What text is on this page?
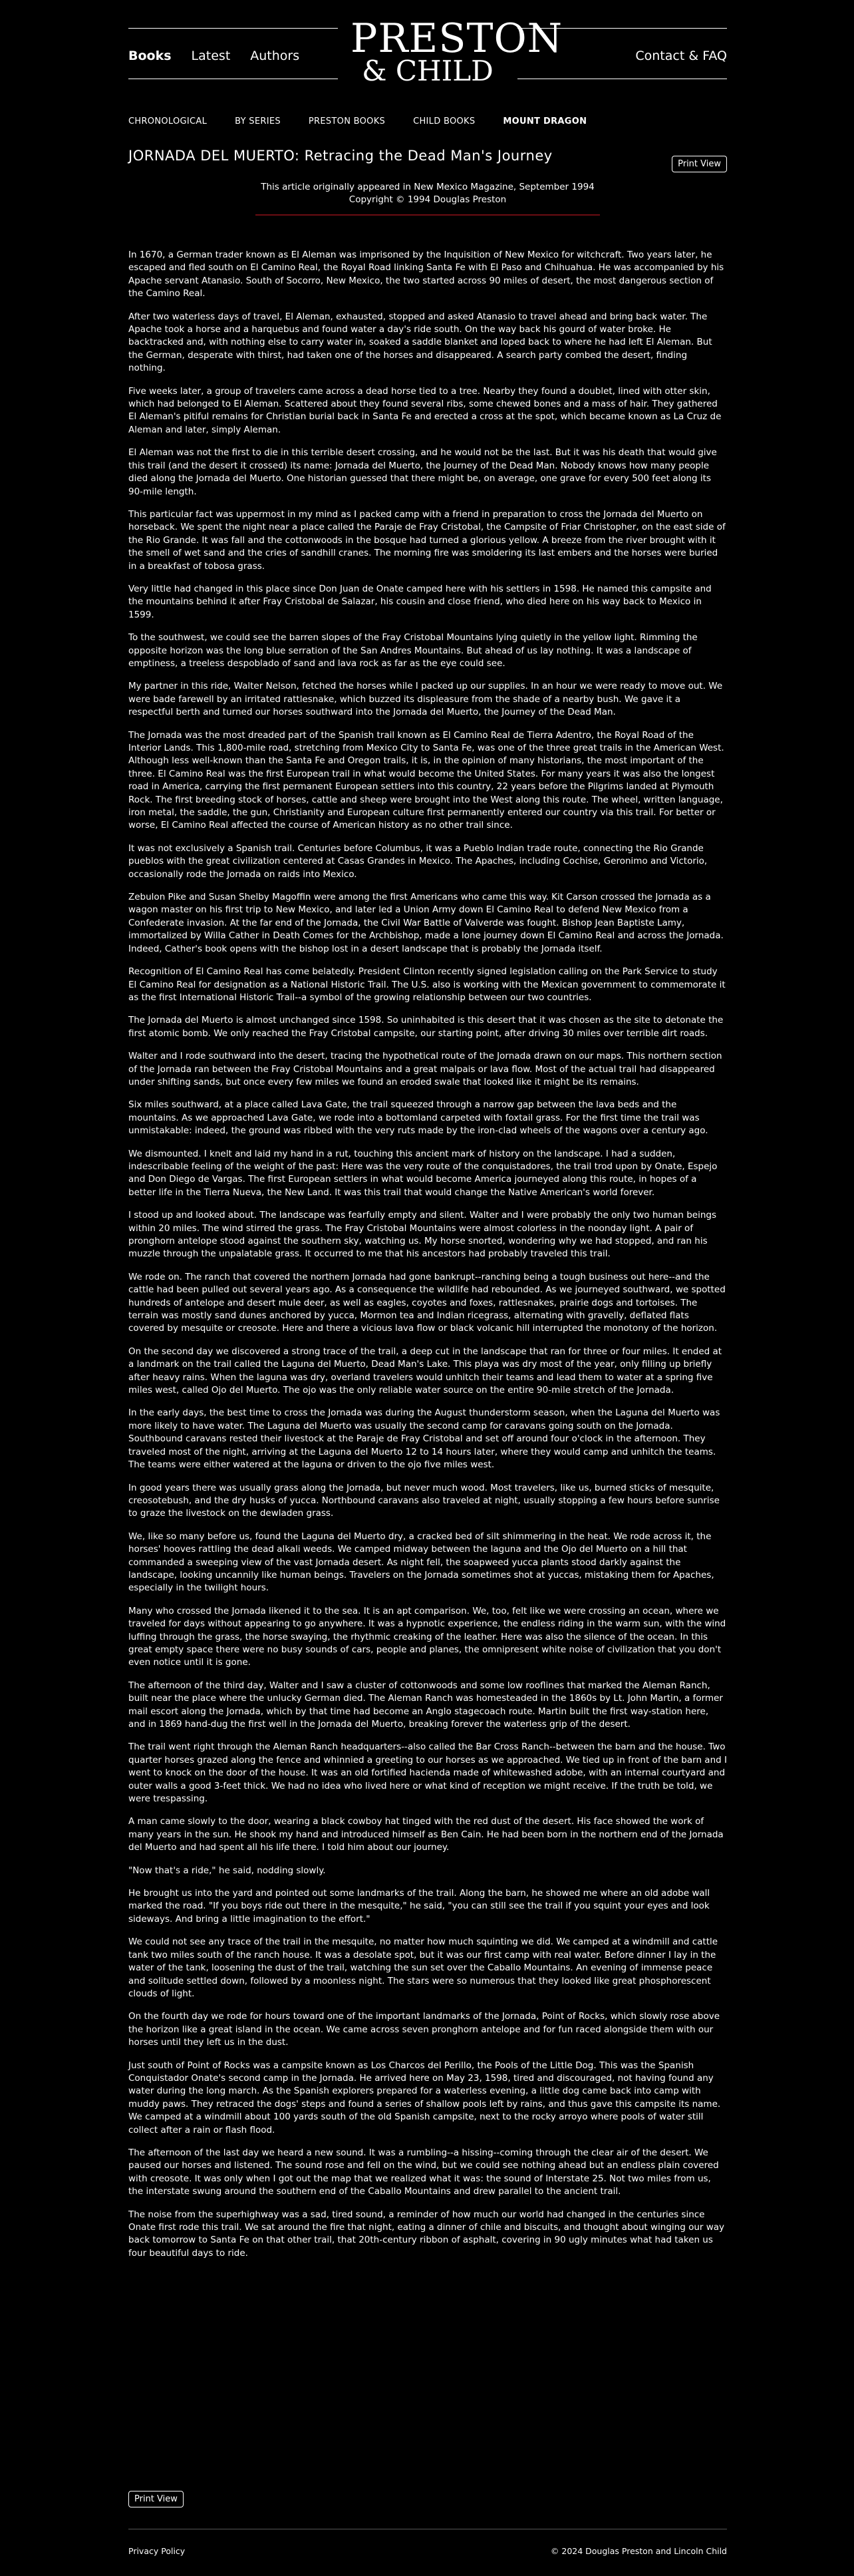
Books Latest Authors PRESTON
& CHILD	Contact & FAQ
CHRONOLOGICAL	BY SERIES	PRESTON BOOKS	CHILD BOOKS	MOUNT DRAGON
JORNADA DEL MUERTO: Retracing the Dead Man's Journey
Print View
This article originally appeared in New Mexico Magazine, September 1994
Copyright © 1994 Douglas Preston

In 1670, a German trader known as El Aleman was imprisoned by the Inquisition of New Mexico for witchcraft. Two years later, he escaped and fled south on El Camino Real, the Royal Road linking Santa Fe with El Paso and Chihuahua. He was accompanied by his Apache servant Atanasio. South of Socorro, New Mexico, the two started across 90 miles of desert, the most dangerous section of the Camino Real.

After two waterless days of travel, El Aleman, exhausted, stopped and asked Atanasio to travel ahead and bring back water. The Apache took a horse and a harquebus and found water a day's ride south. On the way back his gourd of water broke. He backtracked and, with nothing else to carry water in, soaked a saddle blanket and loped back to where he had left El Aleman. But the German, desperate with thirst, had taken one of the horses and disappeared. A search party combed the desert, finding nothing.

Five weeks later, a group of travelers came across a dead horse tied to a tree. Nearby they found a doublet, lined with otter skin, which had belonged to El Aleman. Scattered about they found several ribs, some chewed bones and a mass of hair. They gathered El Aleman's pitiful remains for Christian burial back in Santa Fe and erected a cross at the spot, which became known as La Cruz de Aleman and later, simply Aleman.

El Aleman was not the first to die in this terrible desert crossing, and he would not be the last. But it was his death that would give this trail (and the desert it crossed) its name: Jornada del Muerto, the Journey of the Dead Man. Nobody knows how many people died along the Jornada del Muerto. One historian guessed that there might be, on average, one grave for every 500 feet along its 90-mile length.

This particular fact was uppermost in my mind as I packed camp with a friend in preparation to cross the Jornada del Muerto on horseback. We spent the night near a place called the Paraje de Fray Cristobal, the Campsite of Friar Christopher, on the east side of the Rio Grande. It was fall and the cottonwoods in the bosque had turned a glorious yellow. A breeze from the river brought with it the smell of wet sand and the cries of sandhill cranes. The morning fire was smoldering its last embers and the horses were buried in a breakfast of tobosa grass.

Very little had changed in this place since Don Juan de Onate camped here with his settlers in 1598. He named this campsite and the mountains behind it after Fray Cristobal de Salazar, his cousin and close friend, who died here on his way back to Mexico in 1599.

To the southwest, we could see the barren slopes of the Fray Cristobal Mountains lying quietly in the yellow light. Rimming the opposite horizon was the long blue serration of the San Andres Mountains. But ahead of us lay nothing. It was a landscape of emptiness, a treeless despoblado of sand and lava rock as far as the eye could see.

My partner in this ride, Walter Nelson, fetched the horses while I packed up our supplies. In an hour we were ready to move out. We were bade farewell by an irritated rattlesnake, which buzzed its displeasure from the shade of a nearby bush. We gave it a respectful berth and turned our horses southward into the Jornada del Muerto, the Journey of the Dead Man.

The Jornada was the most dreaded part of the Spanish trail known as El Camino Real de Tierra Adentro, the Royal Road of the Interior Lands. This 1,800-mile road, stretching from Mexico City to Santa Fe, was one of the three great trails in the American West. Although less well-known than the Santa Fe and Oregon trails, it is, in the opinion of many historians, the most important of the three. El Camino Real was the first European trail in what would become the United States. For many years it was also the longest road in America, carrying the first permanent European settlers into this country, 22 years before the Pilgrims landed at Plymouth Rock. The first breeding stock of horses, cattle and sheep were brought into the West along this route. The wheel, written language, iron metal, the saddle, the gun, Christianity and European culture first permanently entered our country via this trail. For better or worse, El Camino Real affected the course of American history as no other trail since.

It was not exclusively a Spanish trail. Centuries before Columbus, it was a Pueblo Indian trade route, connecting the Rio Grande pueblos with the great civilization centered at Casas Grandes in Mexico. The Apaches, including Cochise, Geronimo and Victorio, occasionally rode the Jornada on raids into Mexico.

Zebulon Pike and Susan Shelby Magoffin were among the first Americans who came this way. Kit Carson crossed the Jornada as a wagon master on his first trip to New Mexico, and later led a Union Army down El Camino Real to defend New Mexico from a Confederate invasion. At the far end of the Jornada, the Civil War Battle of Valverde was fought. Bishop Jean Baptiste Lamy, immortalized by Willa Cather in Death Comes for the Archbishop, made a lone journey down El Camino Real and across the Jornada. Indeed, Cather's book opens with the bishop lost in a desert landscape that is probably the Jornada itself.

Recognition of El Camino Real has come belatedly. President Clinton recently signed legislation calling on the Park Service to study El Camino Real for designation as a National Historic Trail. The U.S. also is working with the Mexican government to commemorate it as the first International Historic Trail--a symbol of the growing relationship between our two countries.

The Jornada del Muerto is almost unchanged since 1598. So uninhabited is this desert that it was chosen as the site to detonate the first atomic bomb. We only reached the Fray Cristobal campsite, our starting point, after driving 30 miles over terrible dirt roads.

Walter and I rode southward into the desert, tracing the hypothetical route of the Jornada drawn on our maps. This northern section of the Jornada ran between the Fray Cristobal Mountains and a great malpais or lava flow. Most of the actual trail had disappeared under shifting sands, but once every few miles we found an eroded swale that looked like it might be its remains.

Six miles southward, at a place called Lava Gate, the trail squeezed through a narrow gap between the lava beds and the mountains. As we approached Lava Gate, we rode into a bottomland carpeted with foxtail grass. For the first time the trail was unmistakable: indeed, the ground was ribbed with the very ruts made by the iron-clad wheels of the wagons over a century ago.

We dismounted. I knelt and laid my hand in a rut, touching this ancient mark of history on the landscape. I had a sudden, indescribable feeling of the weight of the past: Here was the very route of the conquistadores, the trail trod upon by Onate, Espejo and Don Diego de Vargas. The first European settlers in what would become America journeyed along this route, in hopes of a better life in the Tierra Nueva, the New Land. It was this trail that would change the Native American's world forever.

I stood up and looked about. The landscape was fearfully empty and silent. Walter and I were probably the only two human beings within 20 miles. The wind stirred the grass. The Fray Cristobal Mountains were almost colorless in the noonday light. A pair of pronghorn antelope stood against the southern sky, watching us. My horse snorted, wondering why we had stopped, and ran his muzzle through the unpalatable grass. It occurred to me that his ancestors had probably traveled this trail.

We rode on. The ranch that covered the northern Jornada had gone bankrupt--ranching being a tough business out here--and the cattle had been pulled out several years ago. As a consequence the wildlife had rebounded. As we journeyed southward, we spotted hundreds of antelope and desert mule deer, as well as eagles, coyotes and foxes, rattlesnakes, prairie dogs and tortoises. The terrain was mostly sand dunes anchored by yucca, Mormon tea and Indian ricegrass, alternating with gravelly, deflated flats covered by mesquite or creosote. Here and there a vicious lava flow or black volcanic hill interrupted the monotony of the horizon.

On the second day we discovered a strong trace of the trail, a deep cut in the landscape that ran for three or four miles. It ended at a landmark on the trail called the Laguna del Muerto, Dead Man's Lake. This playa was dry most of the year, only filling up briefly after heavy rains. When the laguna was dry, overland travelers would unhitch their teams and lead them to water at a spring five miles west, called Ojo del Muerto. The ojo was the only reliable water source on the entire 90-mile stretch of the Jornada.

In the early days, the best time to cross the Jornada was during the August thunderstorm season, when the Laguna del Muerto was more likely to have water. The Laguna del Muerto was usually the second camp for caravans going south on the Jornada. Southbound caravans rested their livestock at the Paraje de Fray Cristobal and set off around four o'clock in the afternoon. They traveled most of the night, arriving at the Laguna del Muerto 12 to 14 hours later, where they would camp and unhitch the teams. The teams were either watered at the laguna or driven to the ojo five miles west.

In good years there was usually grass along the Jornada, but never much wood. Most travelers, like us, burned sticks of mesquite, creosotebush, and the dry husks of yucca. Northbound caravans also traveled at night, usually stopping a few hours before sunrise to graze the livestock on the dewladen grass.

We, like so many before us, found the Laguna del Muerto dry, a cracked bed of silt shimmering in the heat. We rode across it, the horses' hooves rattling the dead alkali weeds. We camped midway between the laguna and the Ojo del Muerto on a hill that commanded a sweeping view of the vast Jornada desert. As night fell, the soapweed yucca plants stood darkly against the landscape, looking uncannily like human beings. Travelers on the Jornada sometimes shot at yuccas, mistaking them for Apaches, especially in the twilight hours.

Many who crossed the Jornada likened it to the sea. It is an apt comparison. We, too, felt like we were crossing an ocean, where we traveled for days without appearing to go anywhere. It was a hypnotic experience, the endless riding in the warm sun, with the wind luffing through the grass, the horse swaying, the rhythmic creaking of the leather. Here was also the silence of the ocean. In this great empty space there were no busy sounds of cars, people and planes, the omnipresent white noise of civilization that you don't even notice until it is gone.

The afternoon of the third day, Walter and I saw a cluster of cottonwoods and some low rooflines that marked the Aleman Ranch, built near the place where the unlucky German died. The Aleman Ranch was homesteaded in the 1860s by Lt. John Martin, a former mail escort along the Jornada, which by that time had become an Anglo stagecoach route. Martin built the first way-station here, and in 1869 hand-dug the first well in the Jornada del Muerto, breaking forever the waterless grip of the desert.

The trail went right through the Aleman Ranch headquarters--also called the Bar Cross Ranch--between the barn and the house. Two quarter horses grazed along the fence and whinnied a greeting to our horses as we approached. We tied up in front of the barn and I went to knock on the door of the house. It was an old fortified hacienda made of whitewashed adobe, with an internal courtyard and outer walls a good 3-feet thick. We had no idea who lived here or what kind of reception we might receive. If the truth be told, we were trespassing.

A man came slowly to the door, wearing a black cowboy hat tinged with the red dust of the desert. His face showed the work of many years in the sun. He shook my hand and introduced himself as Ben Cain. He had been born in the northern end of the Jornada del Muerto and had spent all his life there. I told him about our journey.

"Now that's a ride," he said, nodding slowly.

He brought us into the yard and pointed out some landmarks of the trail. Along the barn, he showed me where an old adobe wall marked the road. "If you boys ride out there in the mesquite," he said, "you can still see the trail if you squint your eyes and look sideways. And bring a little imagination to the effort."

We could not see any trace of the trail in the mesquite, no matter how much squinting we did. We camped at a windmill and cattle tank two miles south of the ranch house. It was a desolate spot, but it was our first camp with real water. Before dinner I lay in the water of the tank, loosening the dust of the trail, watching the sun set over the Caballo Mountains. An evening of immense peace and solitude settled down, followed by a moonless night. The stars were so numerous that they looked like great phosphorescent clouds of light.

On the fourth day we rode for hours toward one of the important landmarks of the Jornada, Point of Rocks, which slowly rose above the horizon like a great island in the ocean. We came across seven pronghorn antelope and for fun raced alongside them with our horses until they left us in the dust.

Just south of Point of Rocks was a campsite known as Los Charcos del Perillo, the Pools of the Little Dog. This was the Spanish Conquistador Onate's second camp in the Jornada. He arrived here on May 23, 1598, tired and discouraged, not having found any water during the long march. As the Spanish explorers prepared for a waterless evening, a little dog came back into camp with muddy paws. They retraced the dogs' steps and found a series of shallow pools left by rains, and thus gave this campsite its name. We camped at a windmill about 100 yards south of the old Spanish campsite, next to the rocky arroyo where pools of water still collect after a rain or flash flood.

The afternoon of the last day we heard a new sound. It was a rumbling--a hissing--coming through the clear air of the desert. We paused our horses and listened. The sound rose and fell on the wind, but we could see nothing ahead but an endless plain covered with creosote. It was only when I got out the map that we realized what it was: the sound of Interstate 25. Not two miles from us, the interstate swung around the southern end of the Caballo Mountains and drew parallel to the ancient trail.

The noise from the superhighway was a sad, tired sound, a reminder of how much our world had changed in the centuries since Onate first rode this trail. We sat around the fire that night, eating a dinner of chile and biscuits, and thought about winging our way back tomorrow to Santa Fe on that other trail, that 20th-century ribbon of asphalt, covering in 90 ugly minutes what had taken us four beautiful days to ride.

Print View
Privacy Policy	© 2024 Douglas Preston and Lincoln Child
